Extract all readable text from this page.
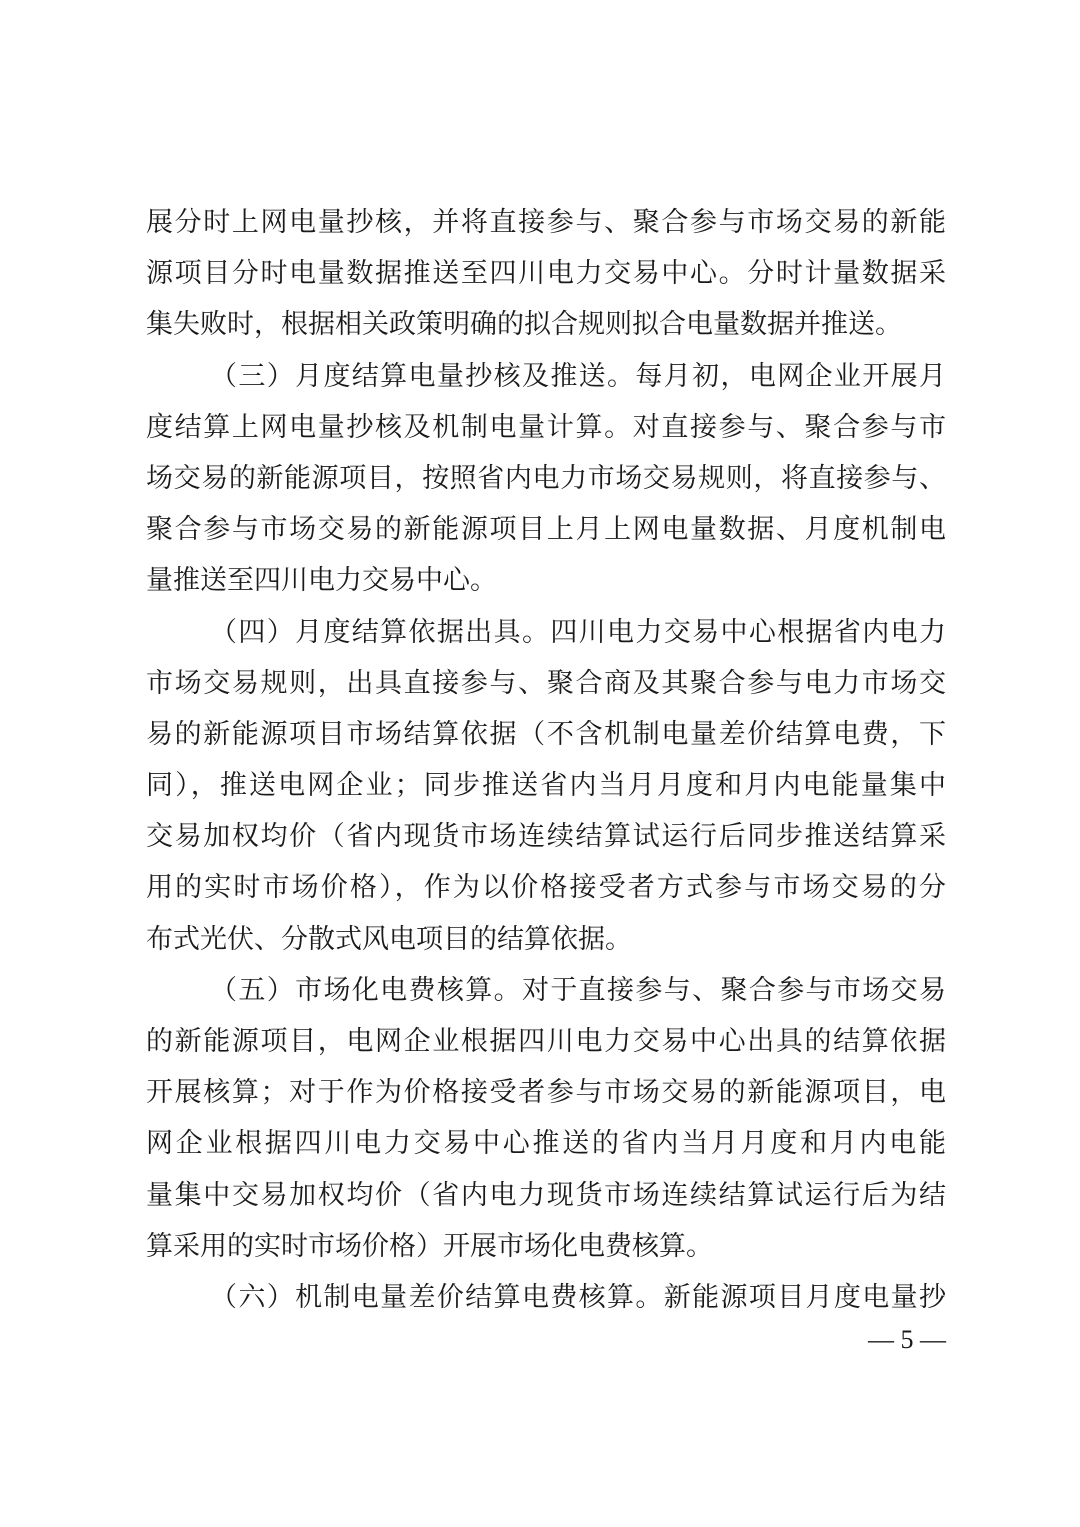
展分时上网电量抄核，并将直接参与、聚合参与市场交易的新能
源项目分时电量数据推送至四川电力交易中心。分时计量数据采
集失败时，根据相关政策明确的拟合规则拟合电量数据并推送。
（三）月度结算电量抄核及推送。每月初，电网企业开展月
度结算上网电量抄核及机制电量计算。对直接参与、聚合参与市
场交易的新能源项目，按照省内电力市场交易规则，将直接参与、
聚合参与市场交易的新能源项目上月上网电量数据、月度机制电
量推送至四川电力交易中心。
（四）月度结算依据出具。四川电力交易中心根据省内电力
市场交易规则，出具直接参与、聚合商及其聚合参与电力市场交
易的新能源项目市场结算依据（不含机制电量差价结算电费，下
同），推送电网企业；同步推送省内当月月度和月内电能量集中
交易加权均价（省内现货市场连续结算试运行后同步推送结算采
用的实时市场价格），作为以价格接受者方式参与市场交易的分
布式光伏、分散式风电项目的结算依据。
（五）市场化电费核算。对于直接参与、聚合参与市场交易
的新能源项目，电网企业根据四川电力交易中心出具的结算依据
开展核算；对于作为价格接受者参与市场交易的新能源项目，电
网企业根据四川电力交易中心推送的省内当月月度和月内电能
量集中交易加权均价（省内电力现货市场连续结算试运行后为结
算采用的实时市场价格）开展市场化电费核算。
（六）机制电量差价结算电费核算。新能源项目月度电量抄
— 5 —
